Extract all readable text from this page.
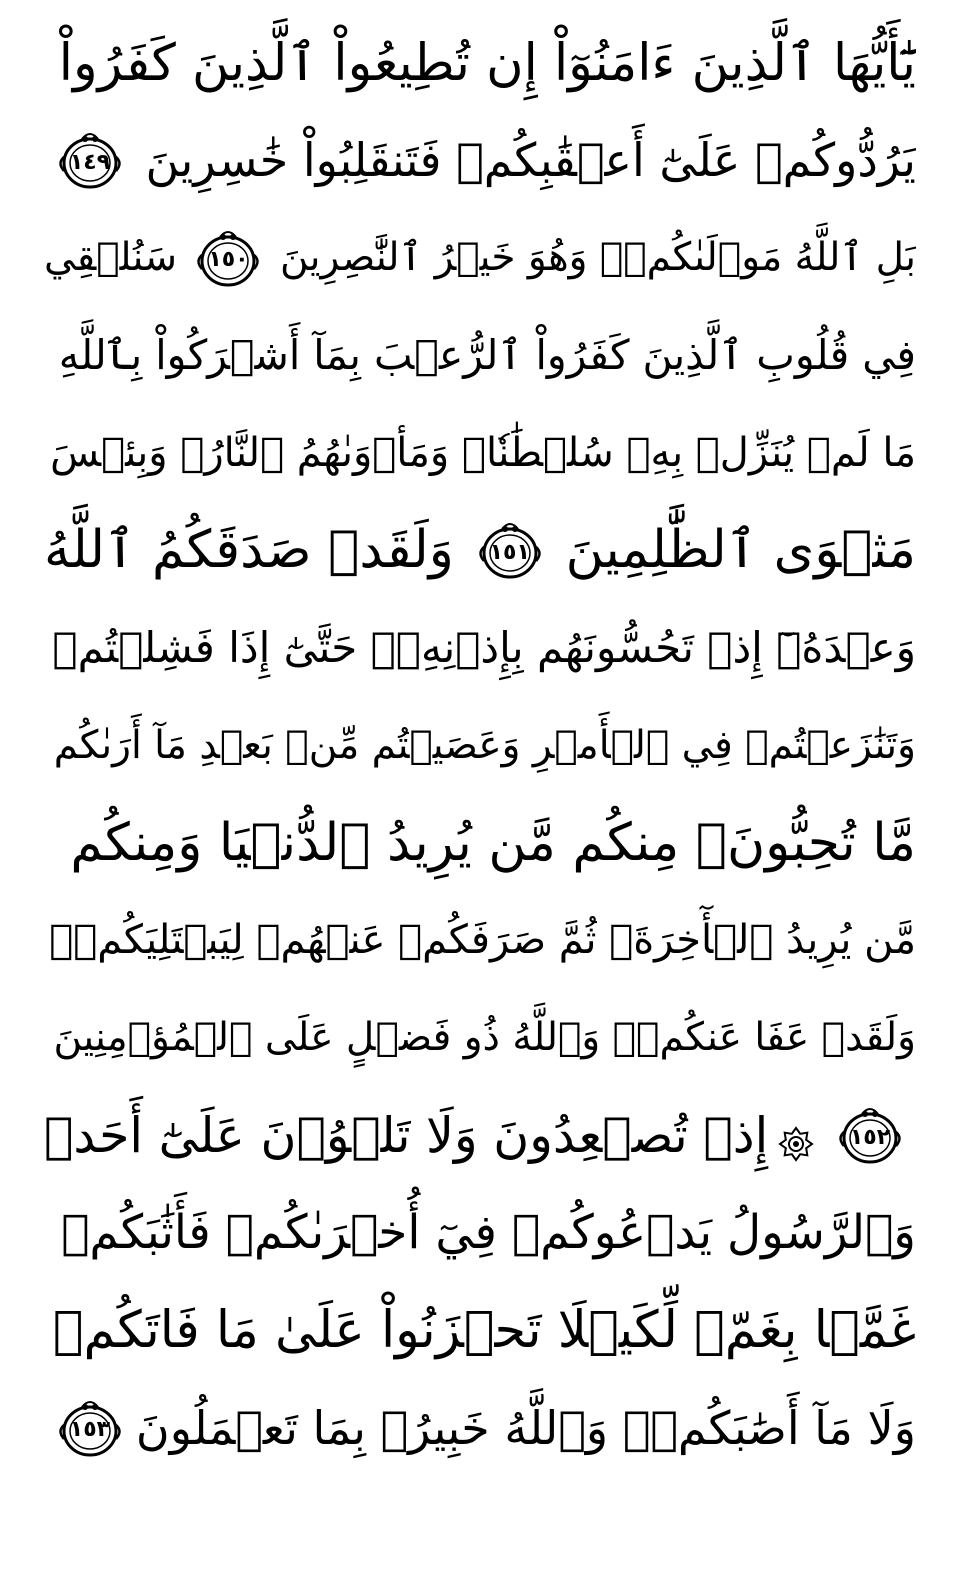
يَٰٓأَيُّهَا ٱلَّذِينَ ءَامَنُوٓاْ إِن تُطِيعُواْ ٱلَّذِينَ كَفَرُواْ
يَرُدُّوكُمۡ عَلَىٰٓ أَعۡقَٰبِكُمۡ فَتَنقَلِبُواْ خَٰسِرِينَ
١٤٩
بَلِ ٱللَّهُ مَوۡلَىٰكُمۡۖ وَهُوَ خَيۡرُ ٱلنَّٰصِرِينَ
١٥٠
سَنُلۡقِي
فِي قُلُوبِ ٱلَّذِينَ كَفَرُواْ ٱلرُّعۡبَ بِمَآ أَشۡرَكُواْ بِٱللَّهِ
مَا لَمۡ يُنَزِّلۡ بِهِۦ سُلۡطَٰنٗاۖ وَمَأۡوَىٰهُمُ ٱلنَّارُۚ وَبِئۡسَ
مَثۡوَى ٱلظَّٰلِمِينَ
١٥١
وَلَقَدۡ صَدَقَكُمُ ٱللَّهُ
وَعۡدَهُۥٓ إِذۡ تَحُسُّونَهُم بِإِذۡنِهِۦۖ حَتَّىٰٓ إِذَا فَشِلۡتُمۡ
وَتَنَٰزَعۡتُمۡ فِي ٱلۡأَمۡرِ وَعَصَيۡتُم مِّنۢ بَعۡدِ مَآ أَرَىٰكُم
مَّا تُحِبُّونَۚ مِنكُم مَّن يُرِيدُ ٱلدُّنۡيَا وَمِنكُم
مَّن يُرِيدُ ٱلۡأٓخِرَةَۚ ثُمَّ صَرَفَكُمۡ عَنۡهُمۡ لِيَبۡتَلِيَكُمۡۖ
وَلَقَدۡ عَفَا عَنكُمۡۗ وَٱللَّهُ ذُو فَضۡلٍ عَلَى ٱلۡمُؤۡمِنِينَ
١٥٢
إِذۡ تُصۡعِدُونَ وَلَا تَلۡوُۥنَ عَلَىٰٓ أَحَدٖ
وَٱلرَّسُولُ يَدۡعُوكُمۡ فِيٓ أُخۡرَىٰكُمۡ فَأَثَٰبَكُمۡ
غَمَّۢا بِغَمّٖ لِّكَيۡلَا تَحۡزَنُواْ عَلَىٰ مَا فَاتَكُمۡ
وَلَا مَآ أَصَٰبَكُمۡۗ وَٱللَّهُ خَبِيرُۢ بِمَا تَعۡمَلُونَ
١٥٣
